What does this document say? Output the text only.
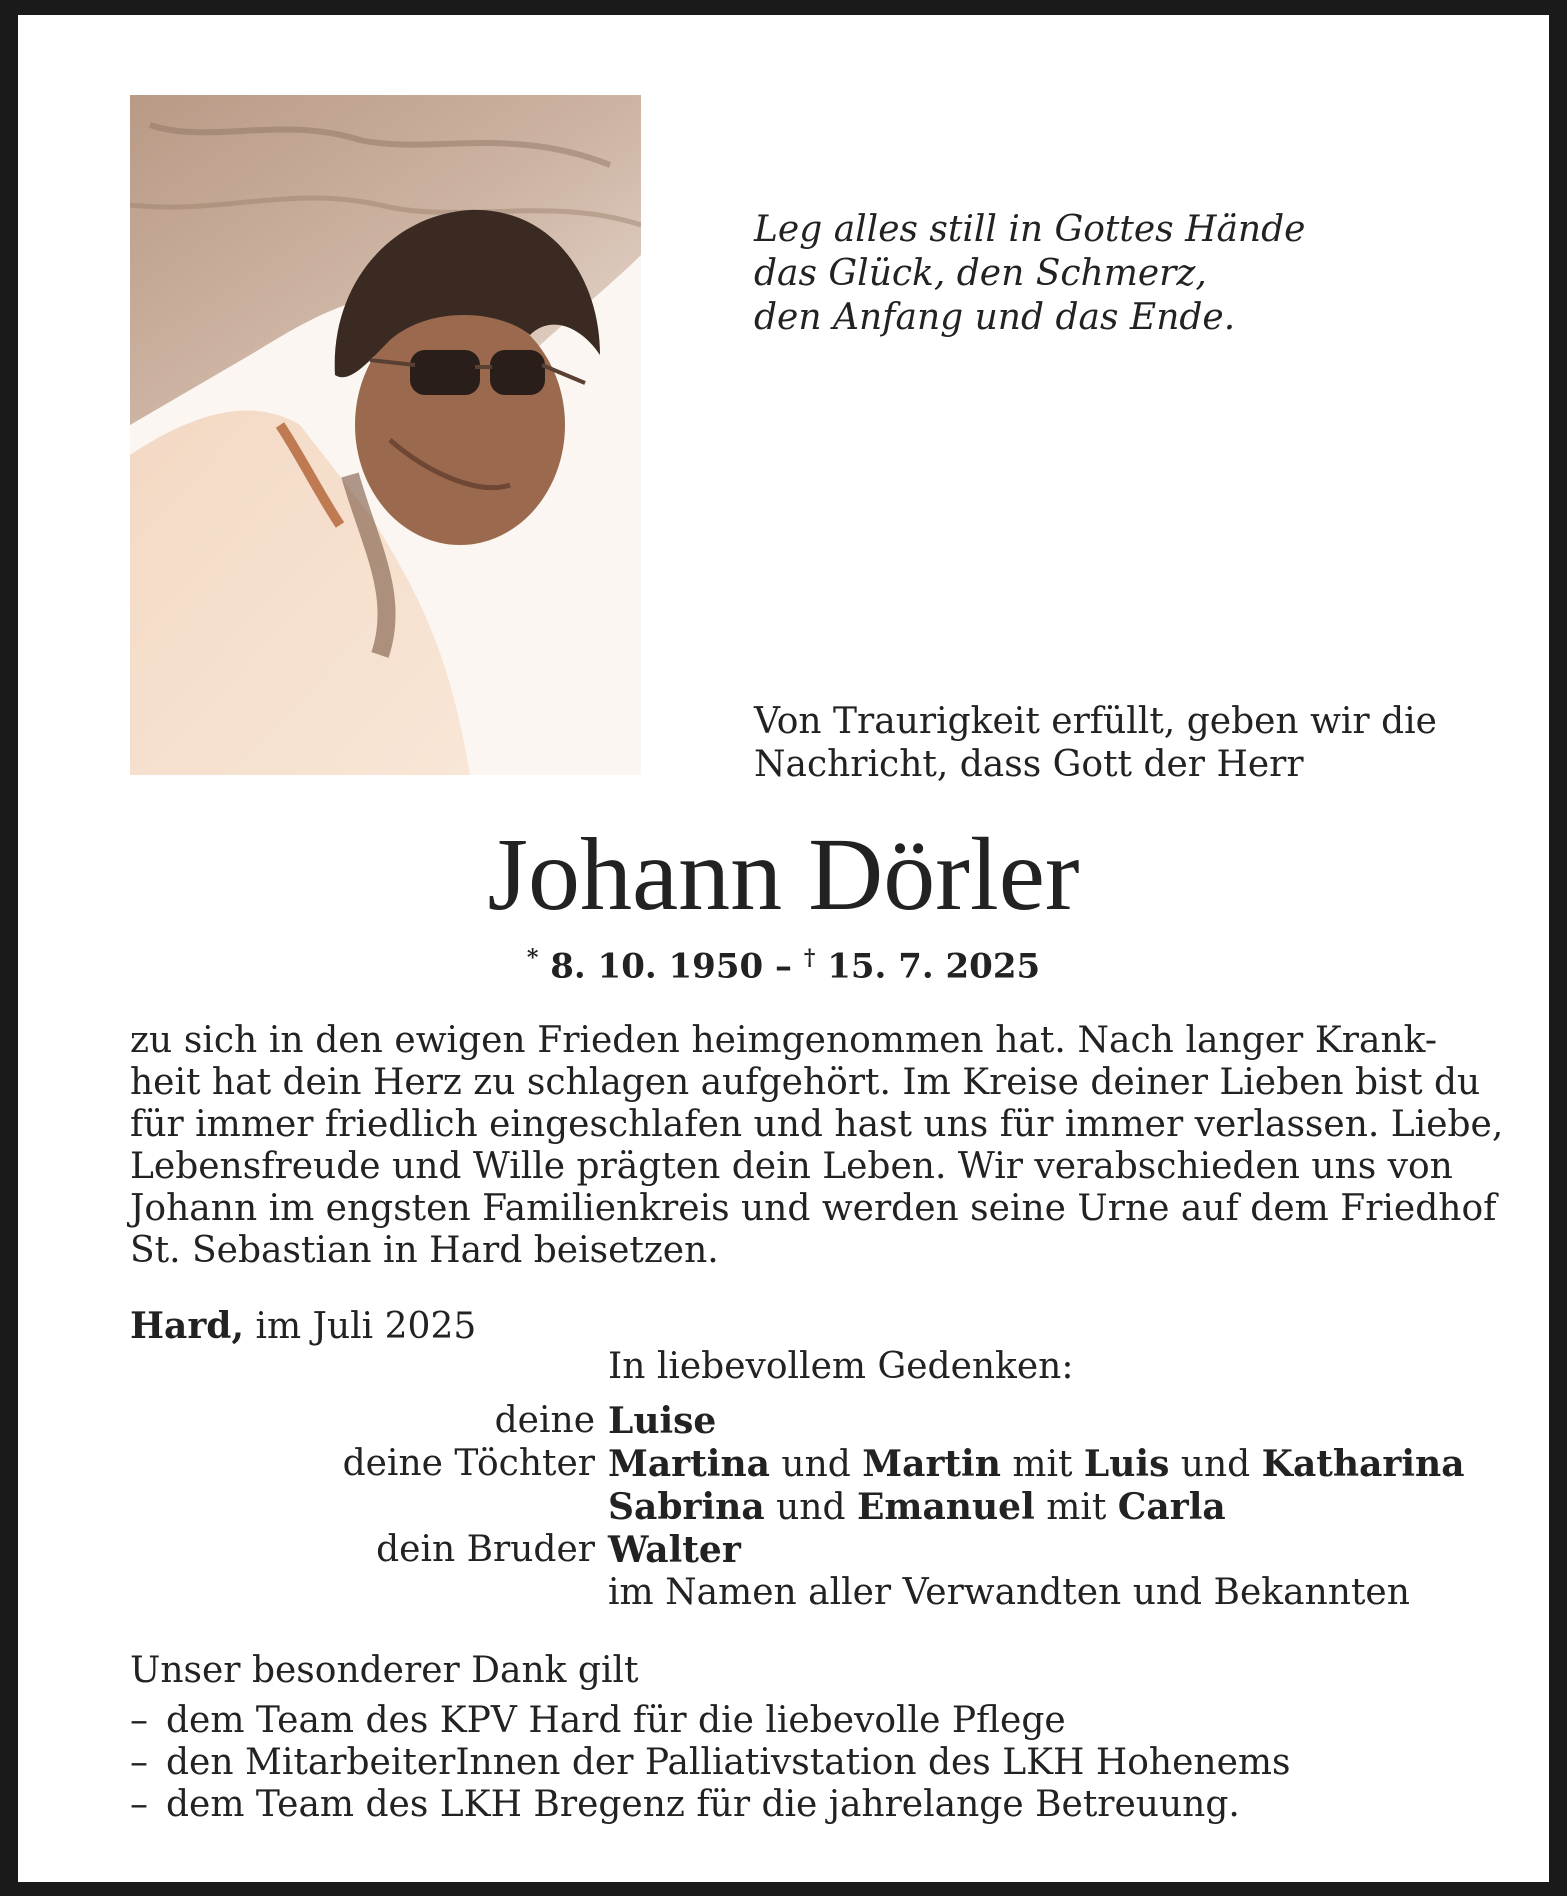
Leg alles still in Gottes Hände
das Glück, den Schmerz,
den Anfang und das Ende.

Von Traurigkeit erfüllt, geben wir die

Nachricht, dass Gott der Herr

Johann Dörler
* 8. 10. 1950 – † 15. 7. 2025
zu sich in den ewigen Frieden heimgenommen hat. Nach langer Krank-
heit hat dein Herz zu schlagen aufgehört. Im Kreise deiner Lieben bist du
für immer friedlich eingeschlafen und hast uns für immer verlassen. Liebe,
Lebensfreude und Wille prägten dein Leben. Wir verabschieden uns von
Johann im engsten Familienkreis und werden seine Urne auf dem Friedhof
St. Sebastian in Hard beisetzen.
Hard, im Juli 2025
In liebevollem Gedenken:
deine Luise
deine Töchter Martina und Martin mit Luis und Katharina
Sabrina und Emanuel mit Carla
dein Bruder Walter
im Namen aller Verwandten und Bekannten
Unser besonderer Dank gilt
– dem Team des KPV Hard für die liebevolle Pflege
– den MitarbeiterInnen der Palliativstation des LKH Hohenems
– dem Team des LKH Bregenz für die jahrelange Betreuung.
